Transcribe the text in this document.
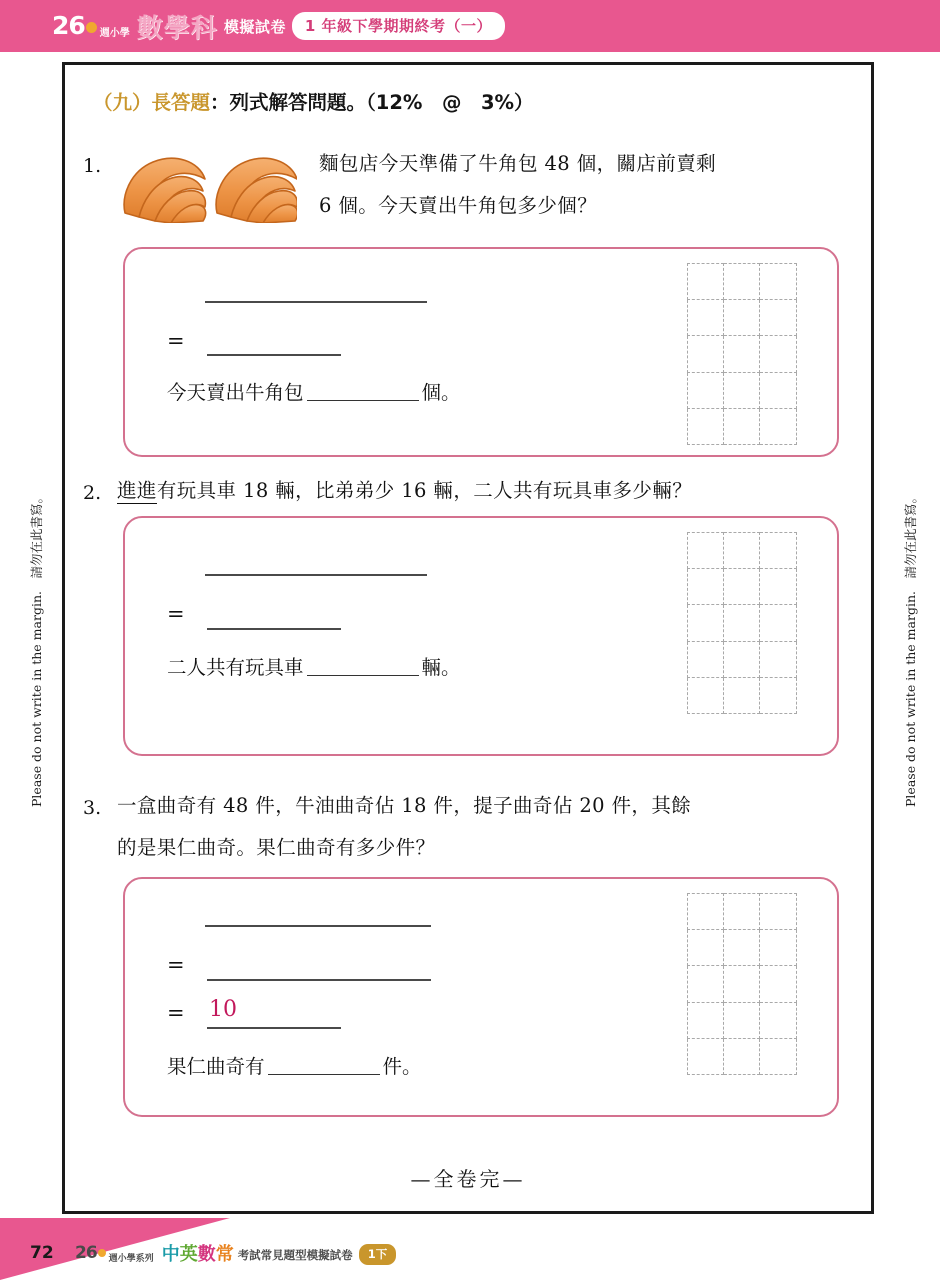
26 週小學 數學科 模擬試卷	1 年級下學期期終考（一）
Please do not write in the margin.　請勿在此書寫。	Please do not write in the margin.　請勿在此書寫。
（九）長答題：列式解答問題。（12%　@　3%）
1.	麵包店今天準備了牛角包 48 個，關店前賣剩
6 個。今天賣出牛角包多少個？
=
今天賣出牛角包	個。
2. 進進有玩具車 18 輛，比弟弟少 16 輛，二人共有玩具車多少輛？
=
二人共有玩具車	輛。
3. 一盒曲奇有 48 件，牛油曲奇佔 18 件，提子曲奇佔 20 件，其餘
的是果仁曲奇。果仁曲奇有多少件？
=
= 10
果仁曲奇有	件。
—全卷完—
72 26 週小學系列 中 英 數 常 考試常見題型模擬試卷	1下
